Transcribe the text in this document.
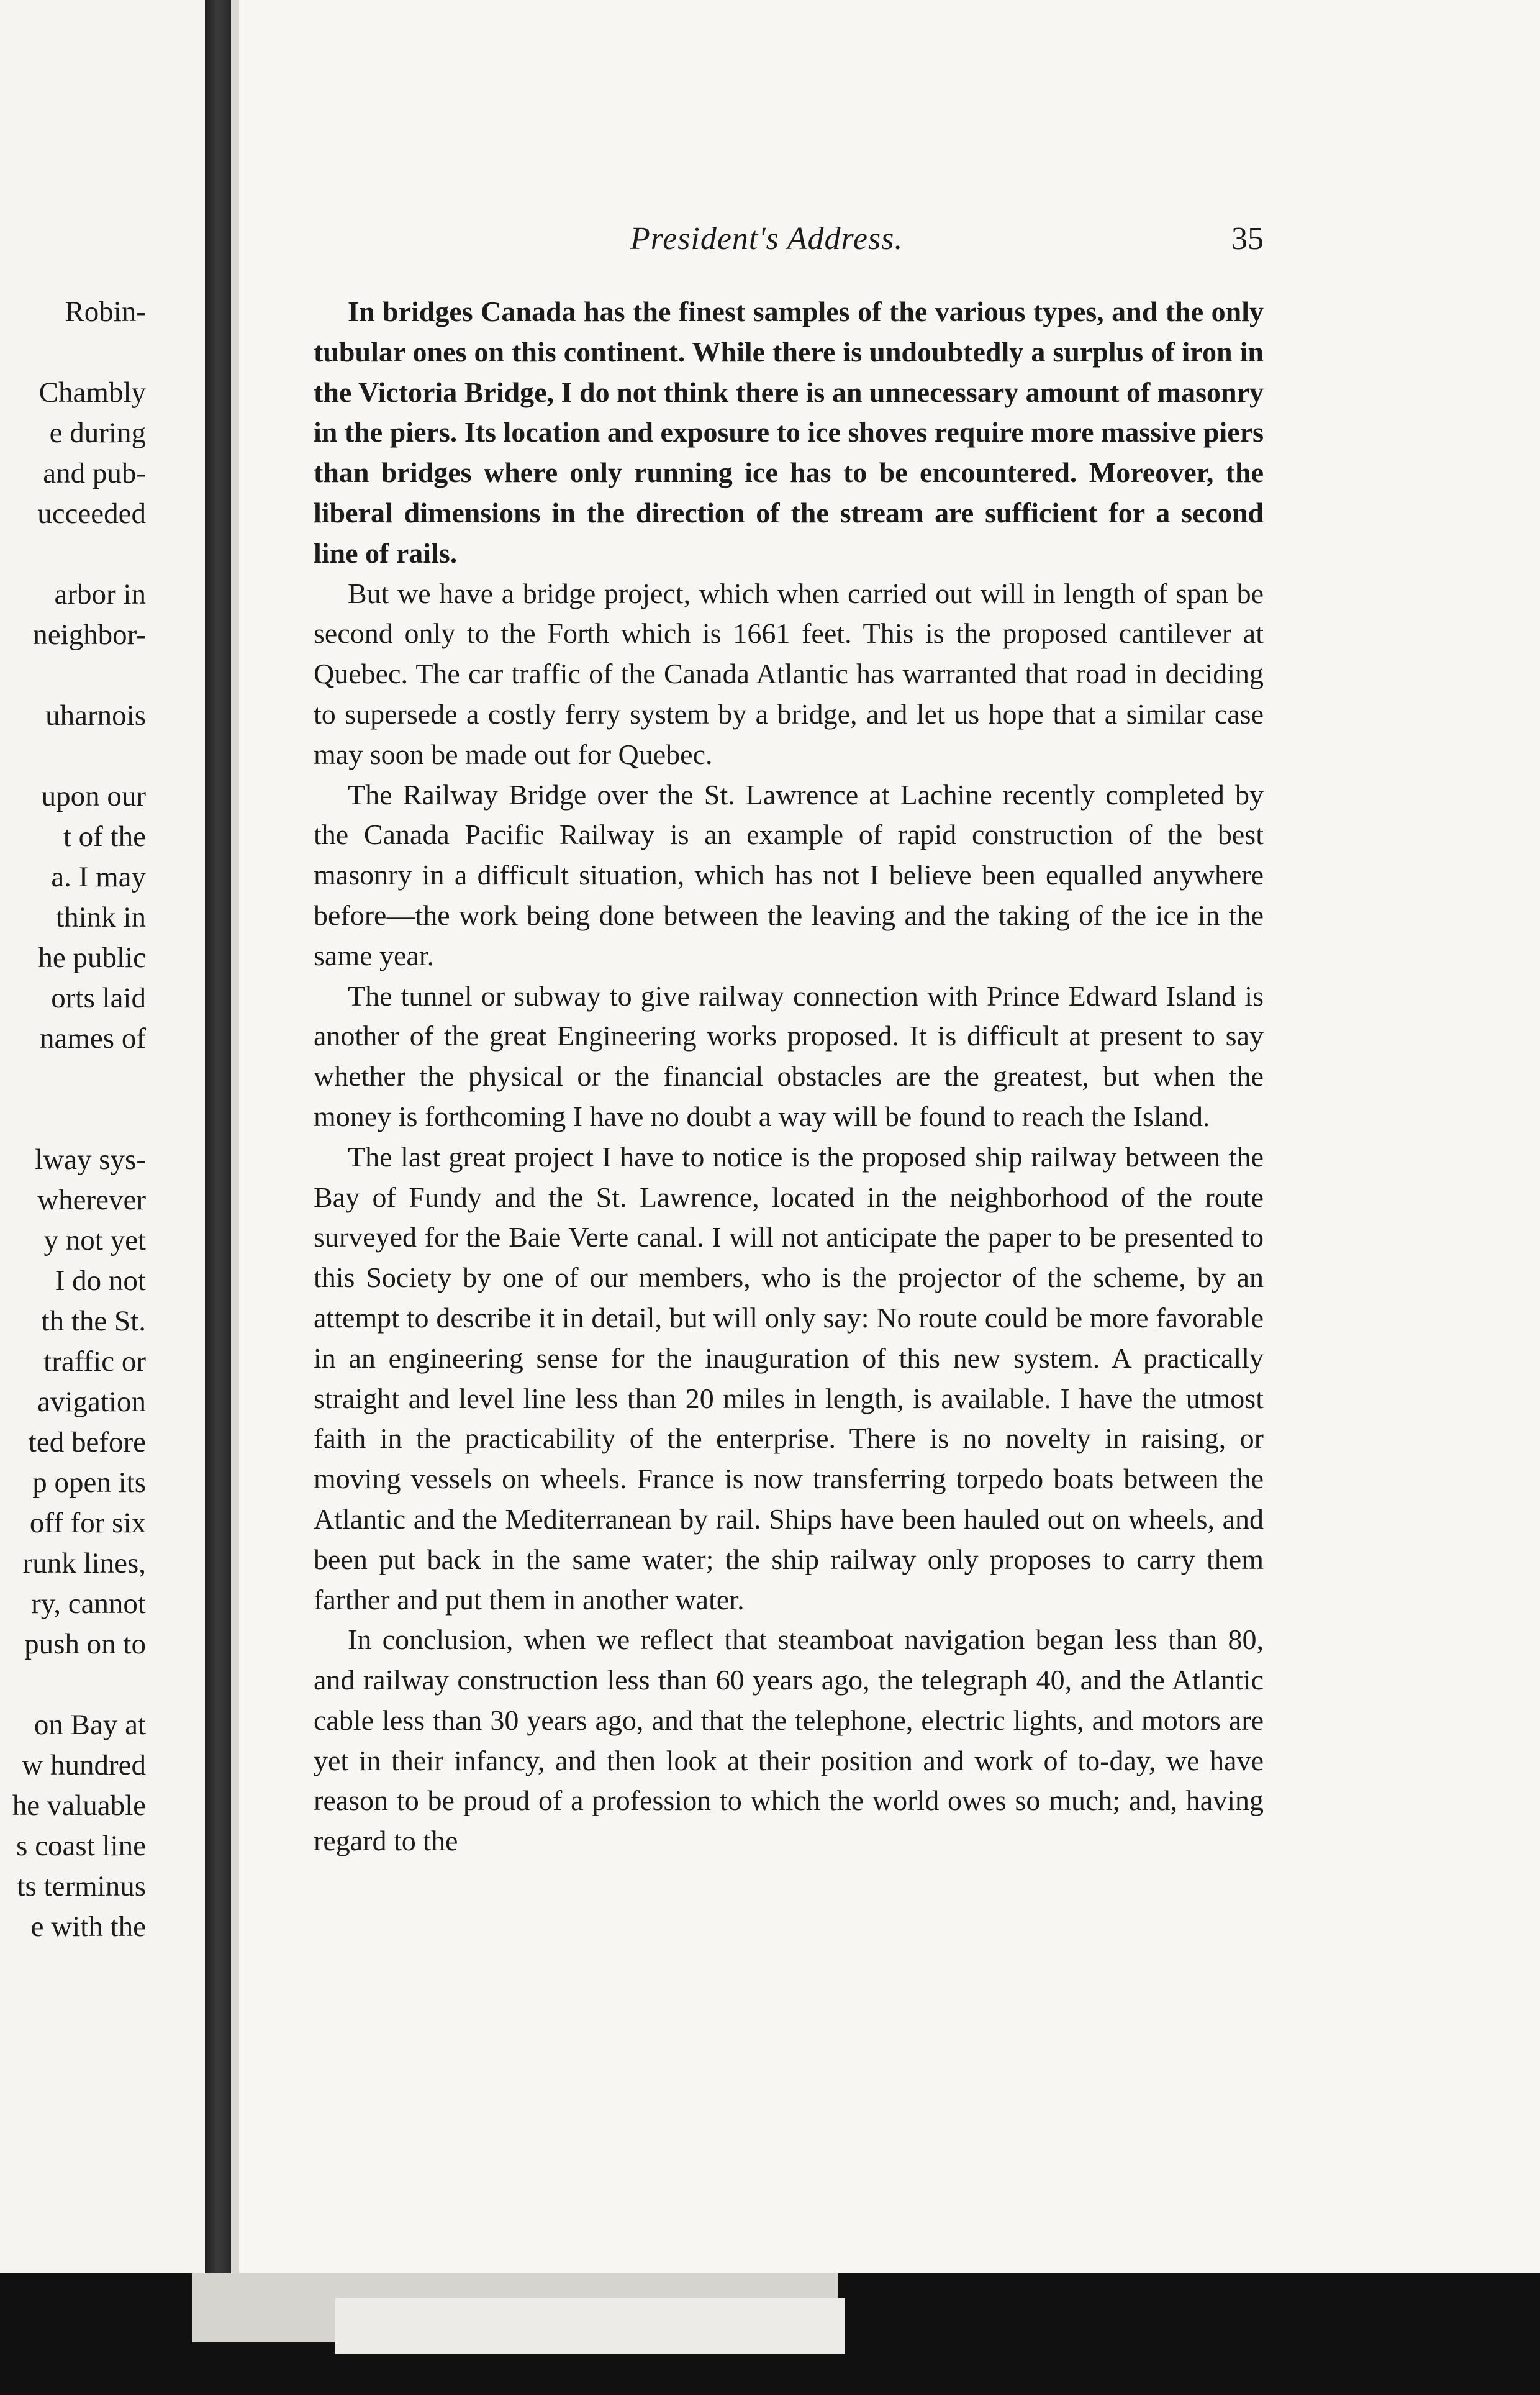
Robin-
Chambly
e during
and pub-
ucceeded
arbor in
neighbor-
uharnois
upon our
t of the
a. I may
think in
he public
orts laid
names of
lway sys-
wherever
y not yet
I do not
th the St.
traffic or
avigation
ted before
p open its
off for six
runk lines,
ry, cannot
push on to
on Bay at
w hundred
he valuable
s coast line
ts terminus
e with the
President's Address.	35

In bridges Canada has the finest samples of the various types, and the only tubular ones on this continent. While there is undoubtedly a surplus of iron in the Victoria Bridge, I do not think there is an unnecessary amount of masonry in the piers. Its location and exposure to ice shoves require more massive piers than bridges where only running ice has to be encountered. Moreover, the liberal dimensions in the direction of the stream are sufficient for a second line of rails.

But we have a bridge project, which when carried out will in length of span be second only to the Forth which is 1661 feet. This is the proposed cantilever at Quebec. The car traffic of the Canada Atlantic has warranted that road in deciding to supersede a costly ferry system by a bridge, and let us hope that a similar case may soon be made out for Quebec.

The Railway Bridge over the St. Lawrence at Lachine recently completed by the Canada Pacific Railway is an example of rapid construction of the best masonry in a difficult situation, which has not I believe been equalled anywhere before—the work being done between the leaving and the taking of the ice in the same year.

The tunnel or subway to give railway connection with Prince Edward Island is another of the great Engineering works proposed. It is difficult at present to say whether the physical or the financial obstacles are the greatest, but when the money is forthcoming I have no doubt a way will be found to reach the Island.

The last great project I have to notice is the proposed ship railway between the Bay of Fundy and the St. Lawrence, located in the neighborhood of the route surveyed for the Baie Verte canal. I will not anticipate the paper to be presented to this Society by one of our members, who is the projector of the scheme, by an attempt to describe it in detail, but will only say: No route could be more favorable in an engineering sense for the inauguration of this new system. A practically straight and level line less than 20 miles in length, is available. I have the utmost faith in the practicability of the enterprise. There is no novelty in raising, or moving vessels on wheels. France is now transferring torpedo boats between the Atlantic and the Mediterranean by rail. Ships have been hauled out on wheels, and been put back in the same water; the ship railway only proposes to carry them farther and put them in another water.

In conclusion, when we reflect that steamboat navigation began less than 80, and railway construction less than 60 years ago, the telegraph 40, and the Atlantic cable less than 30 years ago, and that the telephone, electric lights, and motors are yet in their infancy, and then look at their position and work of to-day, we have reason to be proud of a profession to which the world owes so much; and, having regard to the
